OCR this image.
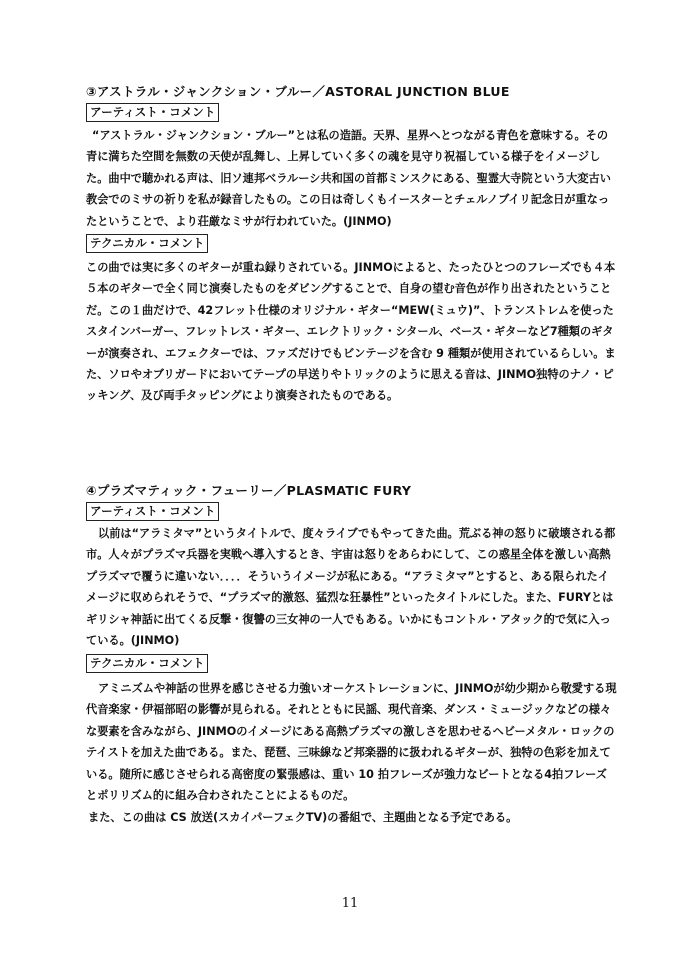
③アストラル・ジャンクション・ブルー／ASTORAL JUNCTION BLUE
アーティスト・コメント

“アストラル・ジャンクション・ブルー”とは私の造語。天界、星界へとつながる青色を意味する。その青に満ちた空間を無数の天使が乱舞し、上昇していく多くの魂を見守り祝福している様子をイメージした。曲中で聴かれる声は、旧ソ連邦ベラルーシ共和国の首都ミンスクにある、聖霊大寺院という大変古い教会でのミサの祈りを私が録音したもの。この日は奇しくもイースターとチェルノブイリ記念日が重なったということで、より荘厳なミサが行われていた。(JINMO)

テクニカル・コメント

この曲では実に多くのギターが重ね録りされている。JINMOによると、たったひとつのフレーズでも４本５本のギターで全く同じ演奏したものをダビングすることで、自身の望む音色が作り出されたということだ。この１曲だけで、42フレット仕様のオリジナル・ギター“MEW(ミュウ)”、トランストレムを使ったスタインバーガー、フレットレス・ギター、エレクトリック・シタール、ベース・ギターなど7種類のギターが演奏され、エフェクターでは、ファズだけでもビンテージを含む 9 種類が使用されているらしい。また、ソロやオブリガードにおいてテープの早送りやトリックのように思える音は、JINMO独特のナノ・ピッキング、及び両手タッピングにより演奏されたものである。

④プラズマティック・フューリー／PLASMATIC FURY
アーティスト・コメント

以前は“アラミタマ”というタイトルで、度々ライブでもやってきた曲。荒ぶる神の怒りに破壊される都市。人々がプラズマ兵器を実戦へ導入するとき、宇宙は怒りをあらわにして、この惑星全体を激しい高熱プラズマで覆うに違いない．．．．そういうイメージが私にある。“アラミタマ”とすると、ある限られたイメージに収められそうで、“プラズマ的激怒、猛烈な狂暴性”といったタイトルにした。また、FURYとはギリシャ神話に出てくる反撃・復讐の三女神の一人でもある。いかにもコントル・アタック的で気に入っている。(JINMO)

テクニカル・コメント

アミニズムや神話の世界を感じさせる力強いオーケストレーションに、JINMOが幼少期から敬愛する現代音楽家・伊福部昭の影響が見られる。それとともに民謡、現代音楽、ダンス・ミュージックなどの様々な要素を含みながら、JINMOのイメージにある高熱プラズマの激しさを思わせるヘビーメタル・ロックのテイストを加えた曲である。また、琵琶、三味線など邦楽器的に扱われるギターが、独特の色彩を加えている。随所に感じさせられる高密度の緊張感は、重い 10 拍フレーズが強力なビートとなる4拍フレーズとポリリズム的に組み合わされたことによるものだ。

また、この曲は CS 放送(スカイパーフェクTV)の番組で、主題曲となる予定である。

11
